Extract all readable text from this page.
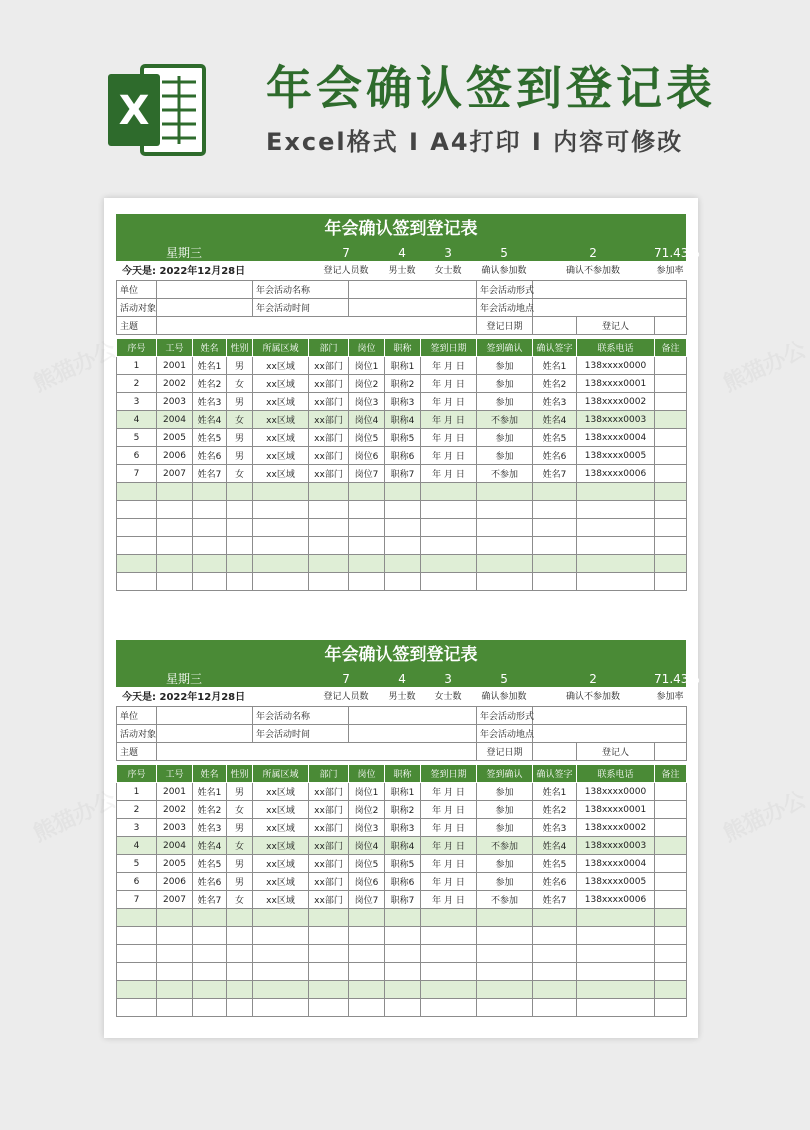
X	年会确认签到登记表
Excel格式 I A4打印 I 内容可修改
年会确认签到登记表
星期三		7	4	3	5	2	71.43%
今天是: 2022年12月28日		登记人员数	男士数	女士数	确认参加数	确认不参加数	参加率
单位		年会活动名称		年会活动形式			
活动对象		年会活动时间		年会活动地点			
主题				登记日期		登记人	
序号	工号	姓名	性别	所属区域	部门	岗位	职称	签到日期	签到确认	确认签字	联系电话	备注
1	2001	姓名1	男	xx区域	xx部门	岗位1	职称1	年 月 日	参加	姓名1	138xxxx0000	
2	2002	姓名2	女	xx区域	xx部门	岗位2	职称2	年 月 日	参加	姓名2	138xxxx0001	
3	2003	姓名3	男	xx区域	xx部门	岗位3	职称3	年 月 日	参加	姓名3	138xxxx0002	
4	2004	姓名4	女	xx区域	xx部门	岗位4	职称4	年 月 日	不参加	姓名4	138xxxx0003	
5	2005	姓名5	男	xx区域	xx部门	岗位5	职称5	年 月 日	参加	姓名5	138xxxx0004	
6	2006	姓名6	男	xx区域	xx部门	岗位6	职称6	年 月 日	参加	姓名6	138xxxx0005	
7	2007	姓名7	女	xx区域	xx部门	岗位7	职称7	年 月 日	不参加	姓名7	138xxxx0006	

年会确认签到登记表
星期三		7	4	3	5	2	71.43%
今天是: 2022年12月28日		登记人员数	男士数	女士数	确认参加数	确认不参加数	参加率
单位		年会活动名称		年会活动形式			
活动对象		年会活动时间		年会活动地点			
主题				登记日期		登记人	
序号	工号	姓名	性别	所属区域	部门	岗位	职称	签到日期	签到确认	确认签字	联系电话	备注
1	2001	姓名1	男	xx区域	xx部门	岗位1	职称1	年 月 日	参加	姓名1	138xxxx0000	
2	2002	姓名2	女	xx区域	xx部门	岗位2	职称2	年 月 日	参加	姓名2	138xxxx0001	
3	2003	姓名3	男	xx区域	xx部门	岗位3	职称3	年 月 日	参加	姓名3	138xxxx0002	
4	2004	姓名4	女	xx区域	xx部门	岗位4	职称4	年 月 日	不参加	姓名4	138xxxx0003	
5	2005	姓名5	男	xx区域	xx部门	岗位5	职称5	年 月 日	参加	姓名5	138xxxx0004	
6	2006	姓名6	男	xx区域	xx部门	岗位6	职称6	年 月 日	参加	姓名6	138xxxx0005	
7	2007	姓名7	女	xx区域	xx部门	岗位7	职称7	年 月 日	不参加	姓名7	138xxxx0006	

熊猫办公	熊猫办公
熊猫办公	熊猫办公
